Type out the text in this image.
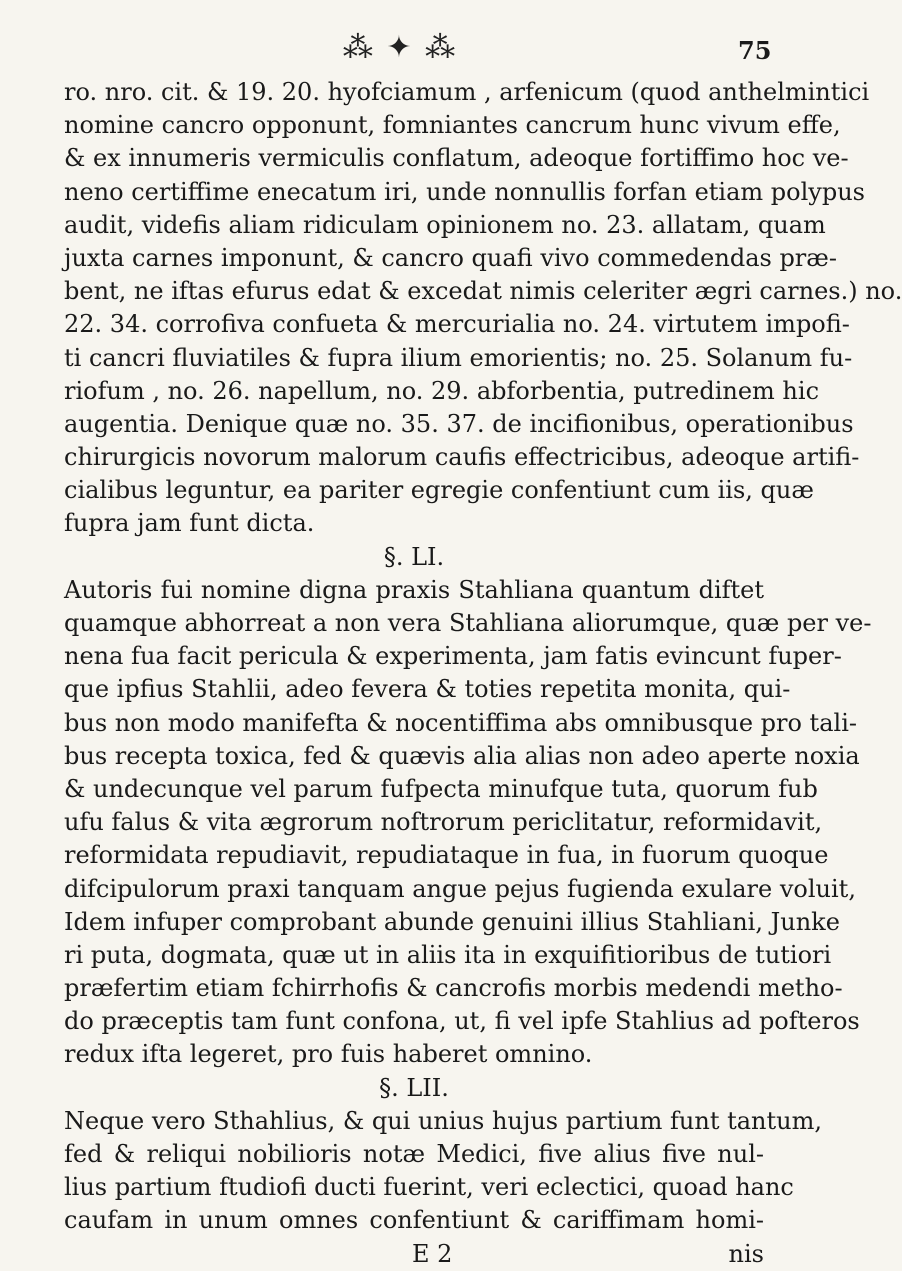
⁂ ✦ ⁂	75
ro. nro. cit. & 19. 20. hyofciamum , arfenicum (quod anthelmintici
nomine cancro opponunt, fomniantes cancrum hunc vivum effe,
& ex innumeris vermiculis conflatum, adeoque fortiffimo hoc ve-
neno certiffime enecatum iri, unde nonnullis forfan etiam polypus
audit, videfis aliam ridiculam opinionem no. 23. allatam, quam
juxta carnes imponunt, & cancro quafi vivo commedendas præ-
bent, ne iftas efurus edat & excedat nimis celeriter ægri carnes.) no.
22. 34. corrofiva confueta & mercurialia no. 24. virtutem impofi-
ti cancri fluviatiles & fupra ilium emorientis; no. 25. Solanum fu-
riofum , no. 26. napellum, no. 29. abforbentia, putredinem hic
augentia. Denique quæ no. 35. 37. de incifionibus, operationibus
chirurgicis novorum malorum caufis effectricibus, adeoque artifi-
cialibus leguntur, ea pariter egregie confentiunt cum iis, quæ
fupra jam funt dicta.
§. LI.
Autoris fui nomine digna praxis Stahliana quantum diftet
quamque abhorreat a non vera Stahliana aliorumque, quæ per ve-
nena fua facit pericula & experimenta, jam fatis evincunt fuper-
que ipfius Stahlii, adeo fevera & toties repetita monita, qui-
bus non modo manifefta & nocentiffima abs omnibusque pro tali-
bus recepta toxica, fed & quævis alia alias non adeo aperte noxia
& undecunque vel parum fufpecta minufque tuta, quorum fub
ufu falus & vita ægrorum noftrorum periclitatur, reformidavit,
reformidata repudiavit, repudiataque in fua, in fuorum quoque
difcipulorum praxi tanquam angue pejus fugienda exulare voluit,
Idem infuper comprobant abunde genuini illius Stahliani, Junke
ri puta, dogmata, quæ ut in aliis ita in exquifitioribus de tutiori
præfertim etiam fchirrhofis & cancrofis morbis medendi metho-
do præceptis tam funt confona, ut, fi vel ipfe Stahlius ad pofteros
redux ifta legeret, pro fuis haberet omnino.
§. LII.
Neque vero Sthahlius, & qui unius hujus partium funt tantum,
fed & reliqui nobilioris notæ Medici, five alius five nul-
lius partium ftudiofi ducti fuerint, veri eclectici, quoad hanc
caufam in unum omnes confentiunt & cariffimam homi-
E 2	nis
